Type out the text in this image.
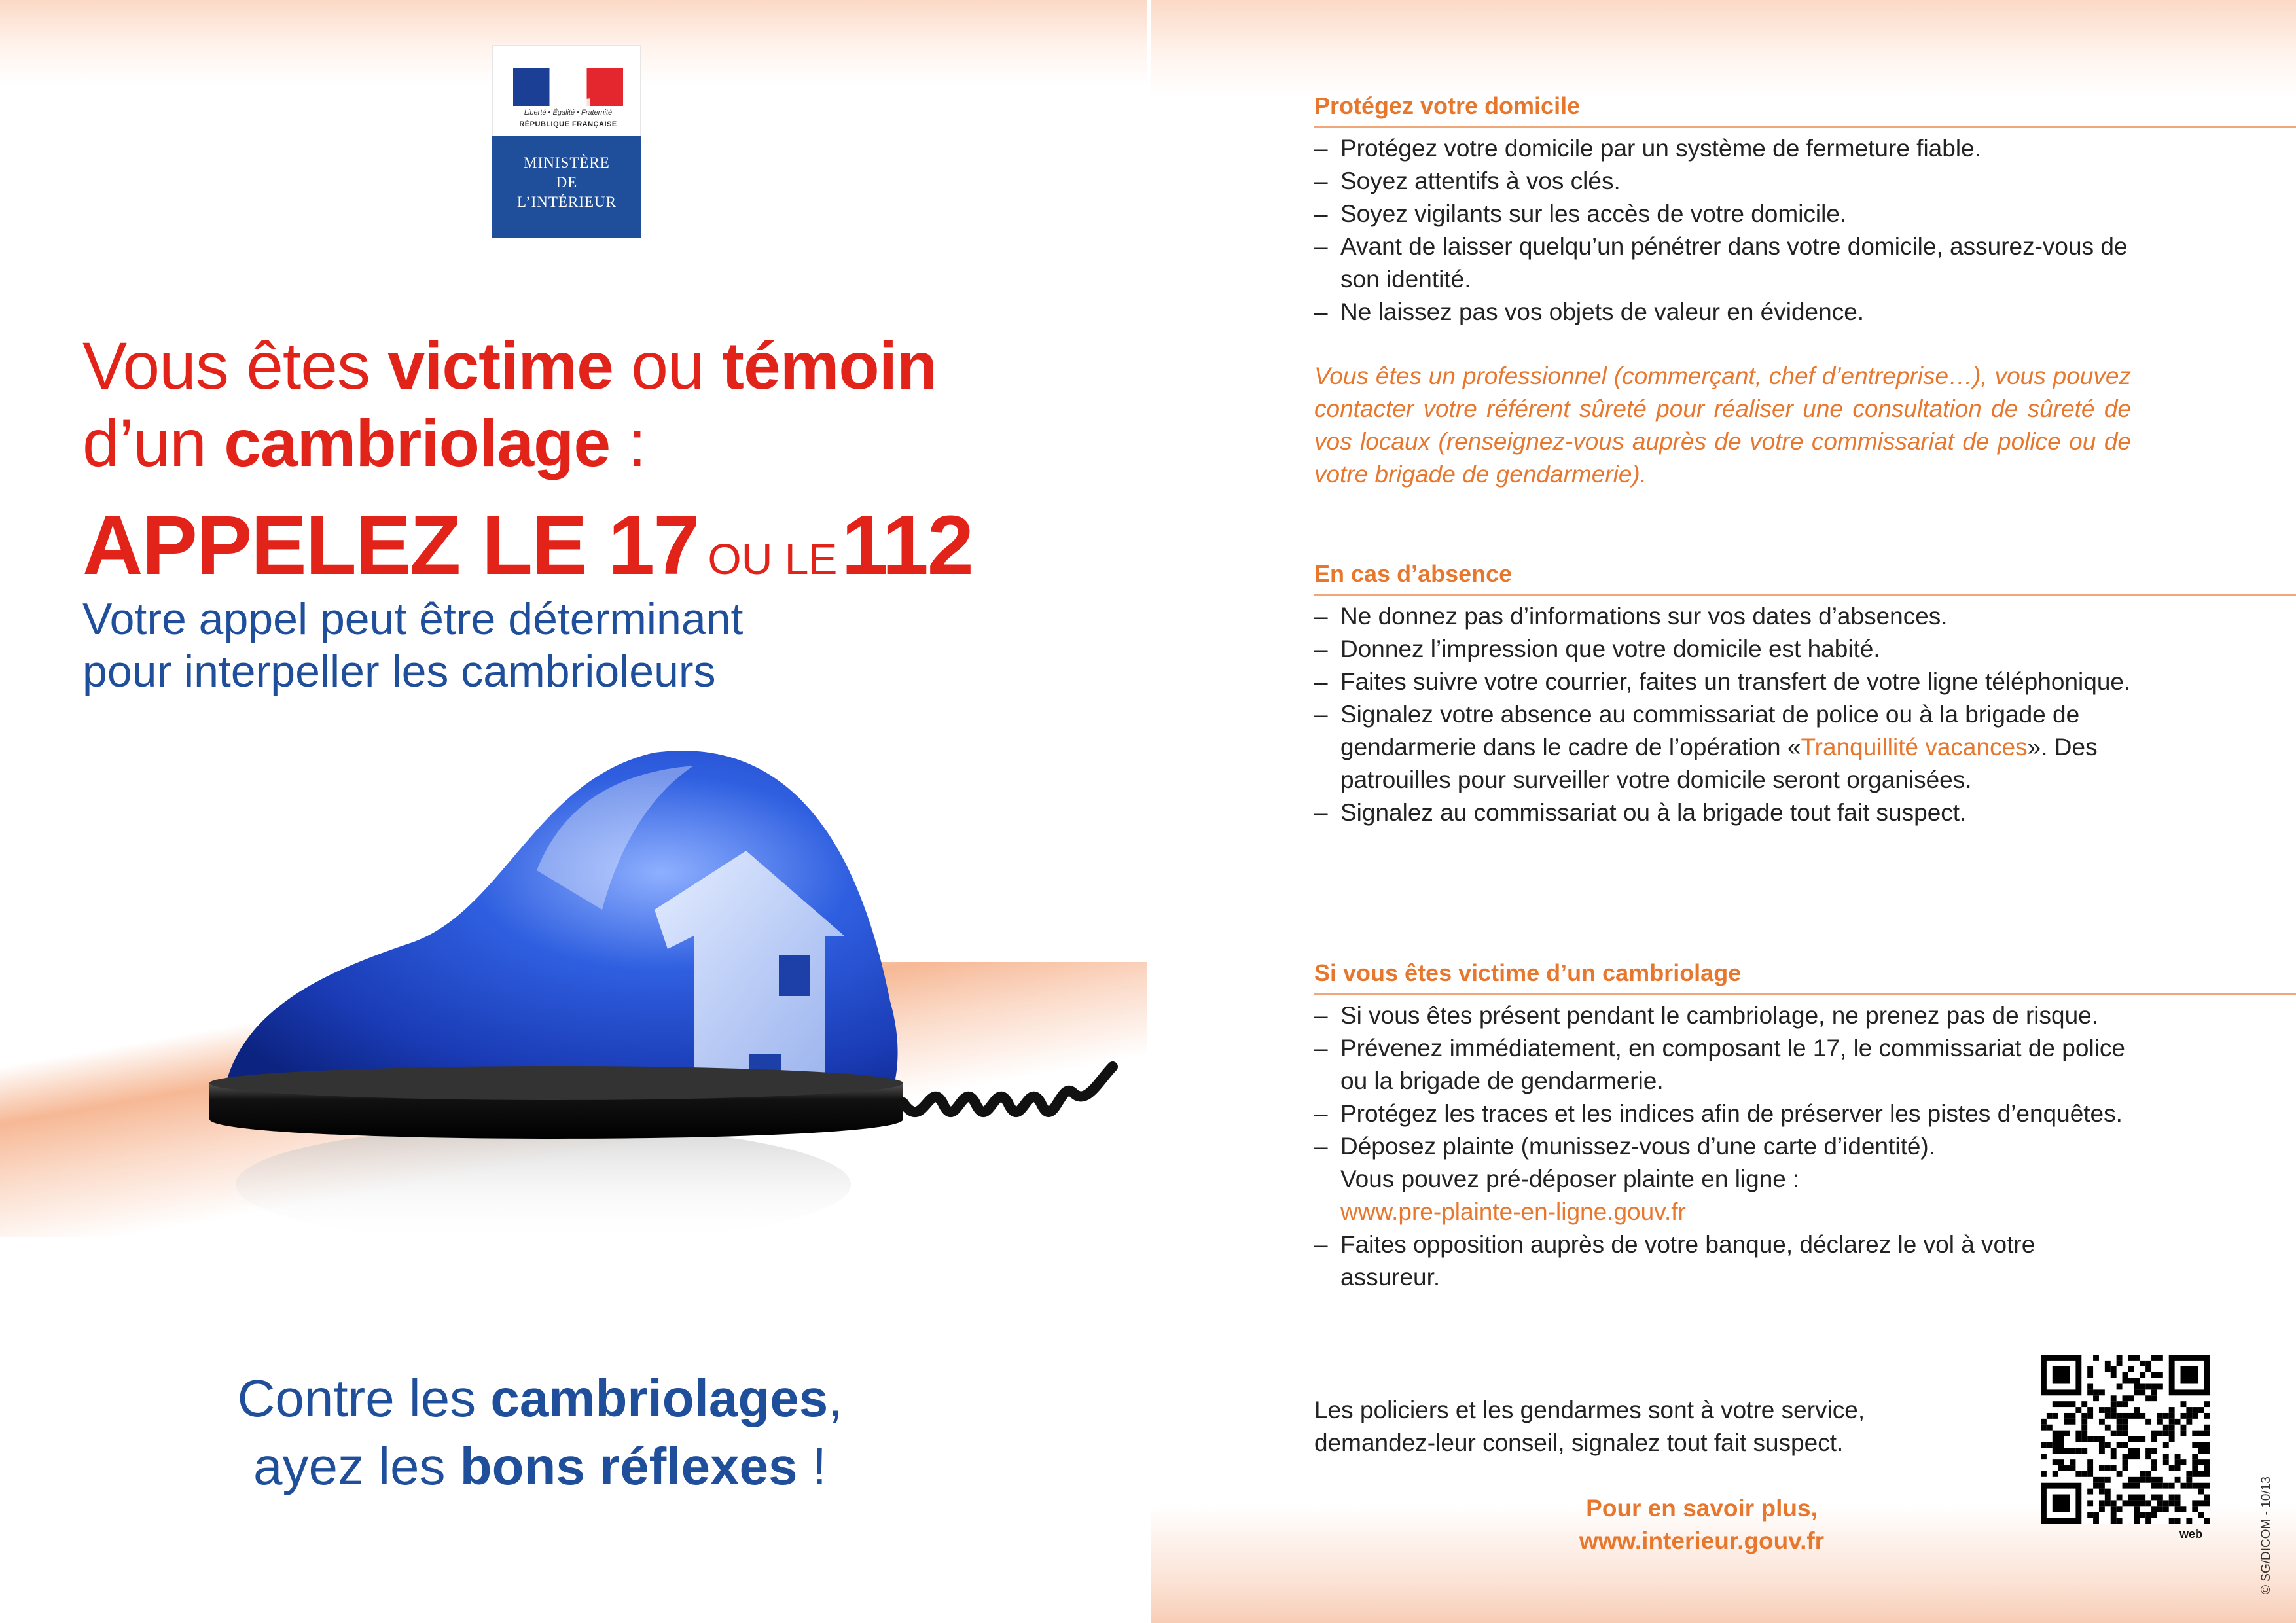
Liberté • Égalité • Fraternité
RÉPUBLIQUE FRANÇAISE
MINISTÈRE
DE
L’INTÉRIEUR
Vous êtes victime ou témoin
d’un cambriolage :
APPELEZ LE 17 OU LE112
Votre appel peut être déterminant
pour interpeller les cambrioleurs
Contre les cambriolages,
ayez les bons réflexes !
Protégez votre domicile
– Protégez votre domicile par un système de fermeture fiable.
– Soyez attentifs à vos clés.
– Soyez vigilants sur les accès de votre domicile.
– Avant de laisser quelqu’un pénétrer dans votre domicile, assurez-vous de son identité.
– Ne laissez pas vos objets de valeur en évidence.
Vous êtes un professionnel (commerçant, chef d’entreprise…), vous pouvez contacter votre référent sûreté pour réaliser une consultation de sûreté de vos locaux (renseignez-vous auprès de votre commissariat de police ou de votre brigade de gendarmerie).
En cas d’absence
– Ne donnez pas d’informations sur vos dates d’absences.
– Donnez l’impression que votre domicile est habité.
– Faites suivre votre courrier, faites un transfert de votre ligne téléphonique.
– Signalez votre absence au commissariat de police ou à la brigade de gendarmerie dans le cadre de l’opération «Tranquillité vacances». Des patrouilles pour surveiller votre domicile seront organisées.
– Signalez au commissariat ou à la brigade tout fait suspect.
Si vous êtes victime d’un cambriolage
– Si vous êtes présent pendant le cambriolage, ne prenez pas de risque.
– Prévenez immédiatement, en composant le 17, le commissariat de police ou la brigade de gendarmerie.
– Protégez les traces et les indices afin de préserver les pistes d’enquêtes.
– Déposez plainte (munissez-vous d’une carte d’identité).
Vous pouvez pré-déposer plainte en ligne :
www.pre-plainte-en-ligne.gouv.fr
– Faites opposition auprès de votre banque, déclarez le vol à votre assureur.
Les policiers et les gendarmes sont à votre service,
demandez-leur conseil, signalez tout fait suspect.
Pour en savoir plus,
www.interieur.gouv.fr	web	© SG/DICOM - 10/13
